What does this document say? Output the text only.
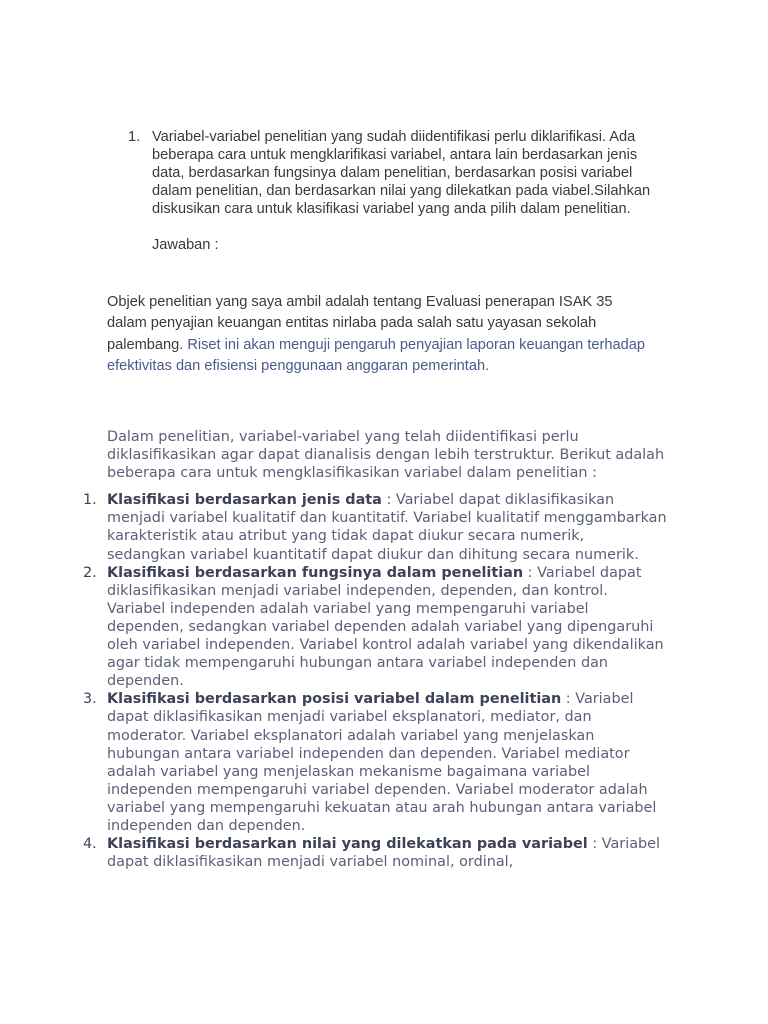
1. Variabel-variabel penelitian yang sudah diidentifikasi perlu diklarifikasi. Ada beberapa cara untuk mengklarifikasi variabel, antara lain berdasarkan jenis data, berdasarkan fungsinya dalam penelitian, berdasarkan posisi variabel dalam penelitian, dan berdasarkan nilai yang dilekatkan pada viabel.Silahkan diskusikan cara untuk klasifikasi variabel yang anda pilih dalam penelitian.
Jawaban :
Objek penelitian yang saya ambil adalah tentang Evaluasi penerapan ISAK 35 dalam penyajian keuangan entitas nirlaba pada salah satu yayasan sekolah palembang. Riset ini akan menguji pengaruh penyajian laporan keuangan terhadap efektivitas dan efisiensi penggunaan anggaran pemerintah.

Dalam penelitian, variabel-variabel yang telah diidentifikasi perlu diklasifikasikan agar dapat dianalisis dengan lebih terstruktur. Berikut adalah beberapa cara untuk mengklasifikasikan variabel dalam penelitian :

1. Klasifikasi berdasarkan jenis data : Variabel dapat diklasifikasikan menjadi variabel kualitatif dan kuantitatif. Variabel kualitatif menggambarkan karakteristik atau atribut yang tidak dapat diukur secara numerik, sedangkan variabel kuantitatif dapat diukur dan dihitung secara numerik.
2. Klasifikasi berdasarkan fungsinya dalam penelitian : Variabel dapat diklasifikasikan menjadi variabel independen, dependen, dan kontrol. Variabel independen adalah variabel yang mempengaruhi variabel dependen, sedangkan variabel dependen adalah variabel yang dipengaruhi oleh variabel independen. Variabel kontrol adalah variabel yang dikendalikan agar tidak mempengaruhi hubungan antara variabel independen dan dependen.
3. Klasifikasi berdasarkan posisi variabel dalam penelitian : Variabel dapat diklasifikasikan menjadi variabel eksplanatori, mediator, dan moderator. Variabel eksplanatori adalah variabel yang menjelaskan hubungan antara variabel independen dan dependen. Variabel mediator adalah variabel yang menjelaskan mekanisme bagaimana variabel independen mempengaruhi variabel dependen. Variabel moderator adalah variabel yang mempengaruhi kekuatan atau arah hubungan antara variabel independen dan dependen.
4. Klasifikasi berdasarkan nilai yang dilekatkan pada variabel : Variabel dapat diklasifikasikan menjadi variabel nominal, ordinal,
